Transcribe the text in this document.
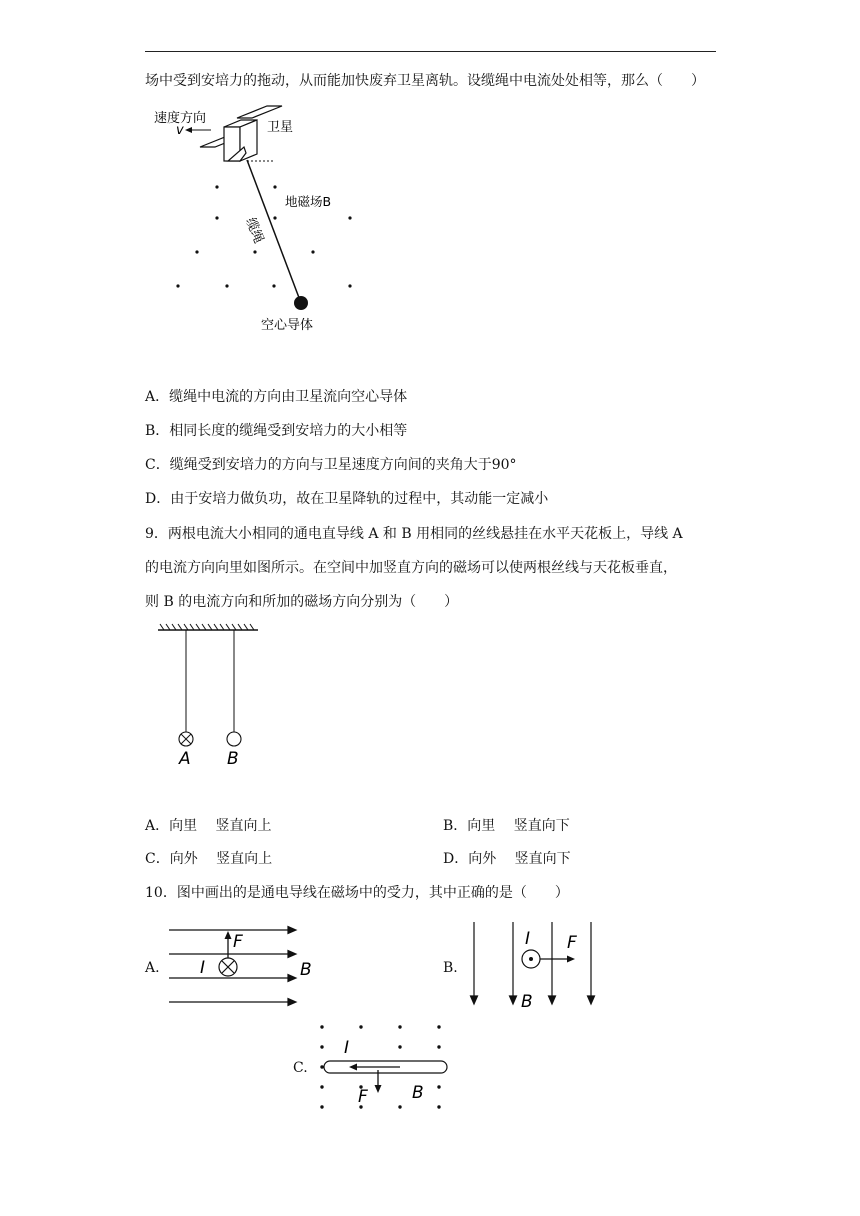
场中受到安培力的拖动，从而能加快废弃卫星离轨。设缆绳中电流处处相等，那么（　　）
速度方向
v	卫星
地磁场B
空心导体
缆绳
A．缆绳中电流的方向由卫星流向空心导体
B．相同长度的缆绳受到安培力的大小相等
C．缆绳受到安培力的方向与卫星速度方向间的夹角大于90°
D．由于安培力做负功，故在卫星降轨的过程中，其动能一定减小
9．两根电流大小相同的通电直导线 A 和 B 用相同的丝线悬挂在水平天花板上，导线 A
的电流方向向里如图所示。在空间中加竖直方向的磁场可以使两根丝线与天花板垂直，
则 B 的电流方向和所加的磁场方向分别为（　　）
A B
A．向里　 竖直向上	B．向里　 竖直向下
C．向外　 竖直向上	D．向外　 竖直向下
10．图中画出的是通电导线在磁场中的受力，其中正确的是（　　）
A.
F
I	B	B.
I F
B
C.
I
F	B
